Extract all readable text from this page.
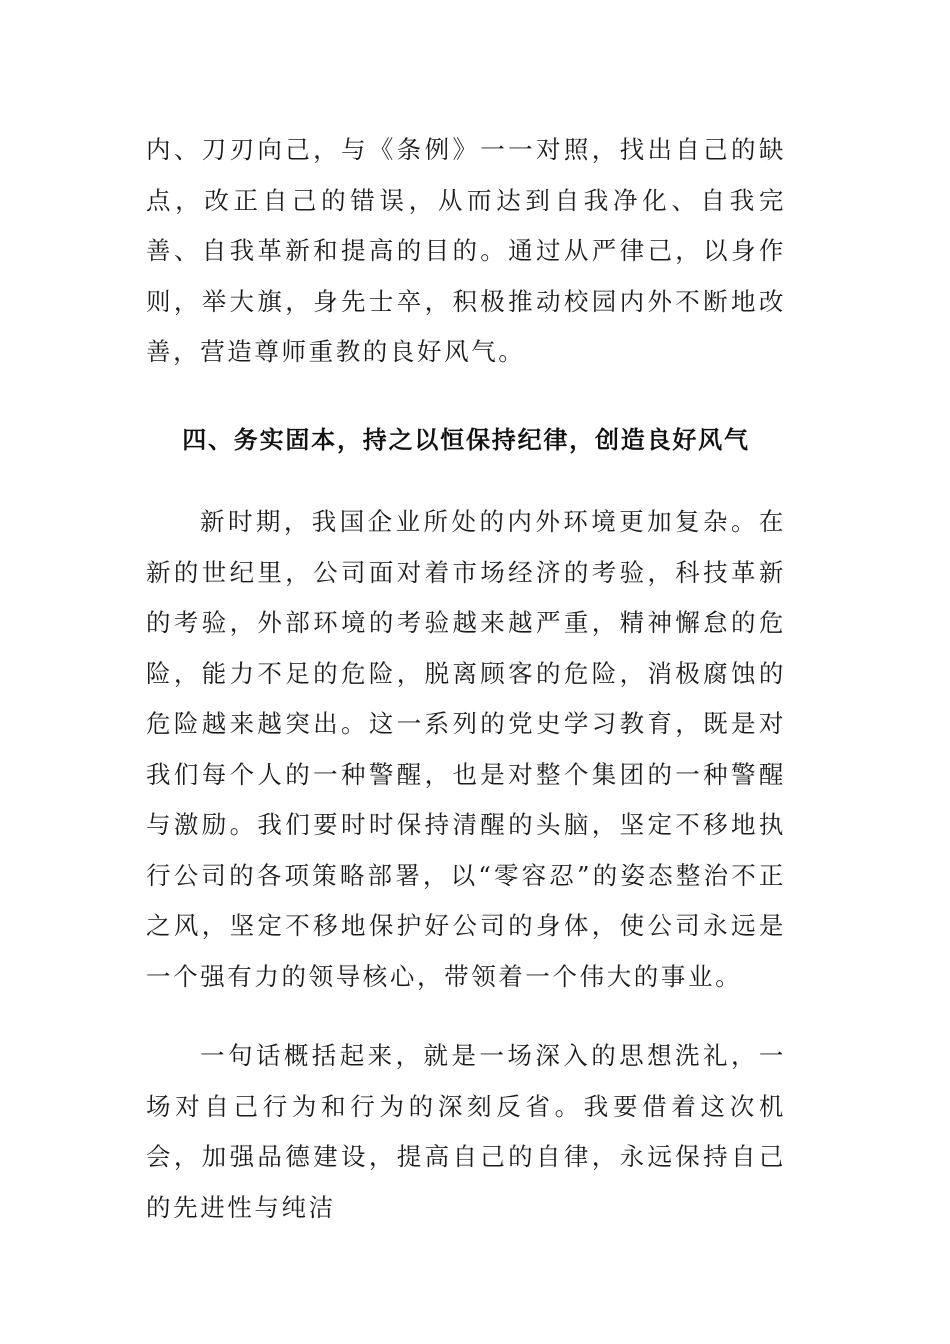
内、刀刃向己，与《条例》一一对照，找出自己的缺点，改正自己的错误，从而达到自我净化、自我完善、自我革新和提高的目的。通过从严律己，以身作则，举大旗，身先士卒，积极推动校园内外不断地改善，营造尊师重教的良好风气。

四、务实固本，持之以恒保持纪律，创造良好风气

新时期，我国企业所处的内外环境更加复杂。在新的世纪里，公司面对着市场经济的考验，科技革新的考验，外部环境的考验越来越严重，精神懈怠的危险，能力不足的危险，脱离顾客的危险，消极腐蚀的危险越来越突出。这一系列的党史学习教育，既是对我们每个人的一种警醒，也是对整个集团的一种警醒与激励。我们要时时保持清醒的头脑，坚定不移地执行公司的各项策略部署，以“零容忍”的姿态整治不正之风，坚定不移地保护好公司的身体，使公司永远是一个强有力的领导核心，带领着一个伟大的事业。

一句话概括起来，就是一场深入的思想洗礼，一场对自己行为和行为的深刻反省。我要借着这次机会，加强品德建设，提高自己的自律，永远保持自己的先进性与纯洁
